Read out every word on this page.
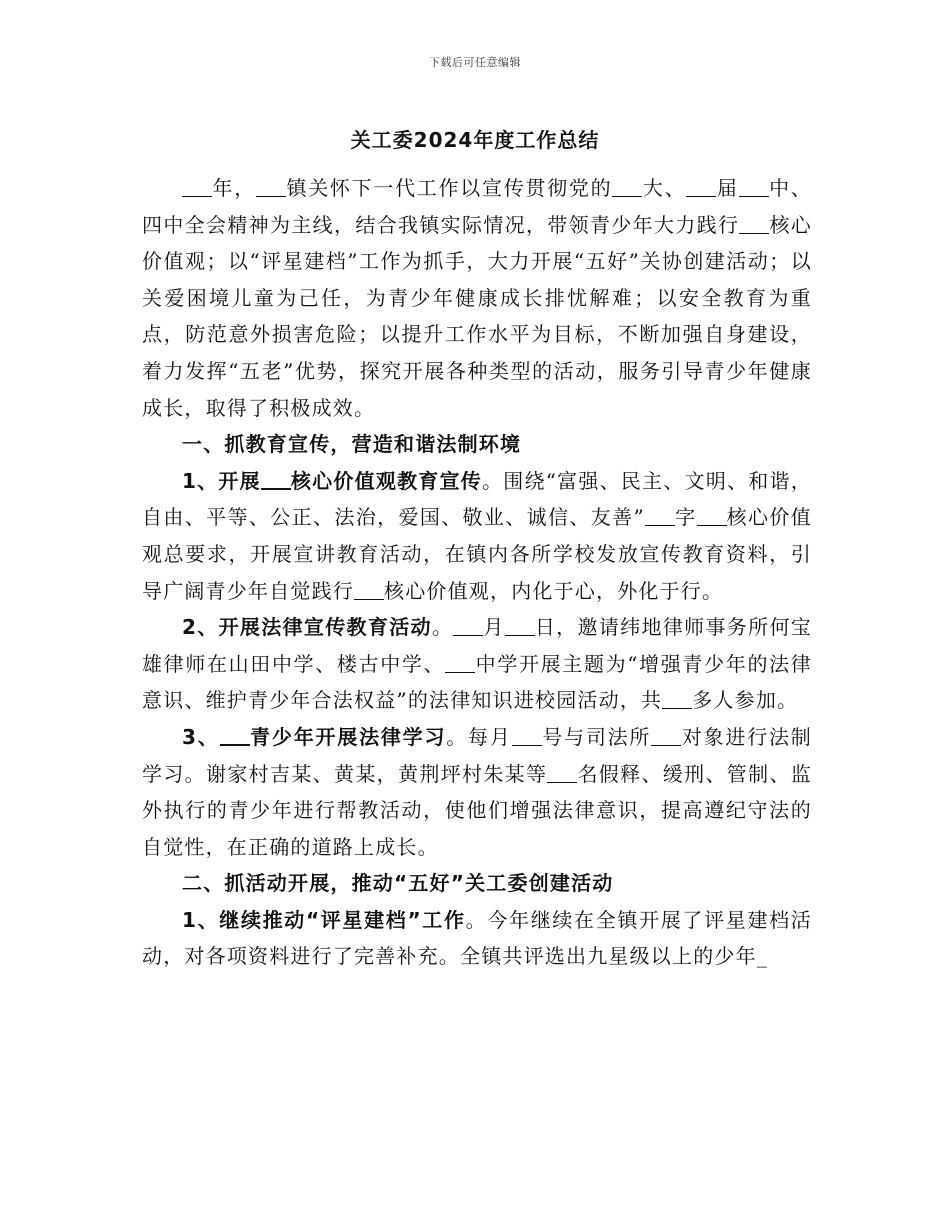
下载后可任意编辑
关工委2024年度工作总结

年， 镇关怀下一代工作以宣传贯彻党的 大、 届 中、四中全会精神为主线，结合我镇实际情况，带领青少年大力践行 核心价值观；以“评星建档”工作为抓手，大力开展“五好”关协创建活动；以关爱困境儿童为己任，为青少年健康成长排忧解难；以安全教育为重点，防范意外损害危险；以提升工作水平为目标，不断加强自身建设，着力发挥“五老”优势，探究开展各种类型的活动，服务引导青少年健康成长，取得了积极成效。

一、抓教育宣传，营造和谐法制环境

1、开展 核心价值观教育宣传。围绕“富强、民主、文明、和谐，自由、平等、公正、法治，爱国、敬业、诚信、友善” 字 核心价值观总要求，开展宣讲教育活动，在镇内各所学校发放宣传教育资料，引导广阔青少年自觉践行 核心价值观，内化于心，外化于行。

2、开展法律宣传教育活动。 月 日，邀请纬地律师事务所何宝雄律师在山田中学、楼古中学、 中学开展主题为“增强青少年的法律意识、维护青少年合法权益”的法律知识进校园活动，共 多人参加。

3、 青少年开展法律学习。每月 号与司法所 对象进行法制学习。谢家村吉某、黄某，黄荆坪村朱某等 名假释、缓刑、管制、监外执行的青少年进行帮教活动，使他们增强法律意识，提高遵纪守法的自觉性，在正确的道路上成长。

二、抓活动开展，推动“五好”关工委创建活动

1、继续推动“评星建档”工作。今年继续在全镇开展了评星建档活动，对各项资料进行了完善补充。全镇共评选出九星级以上的少年_
